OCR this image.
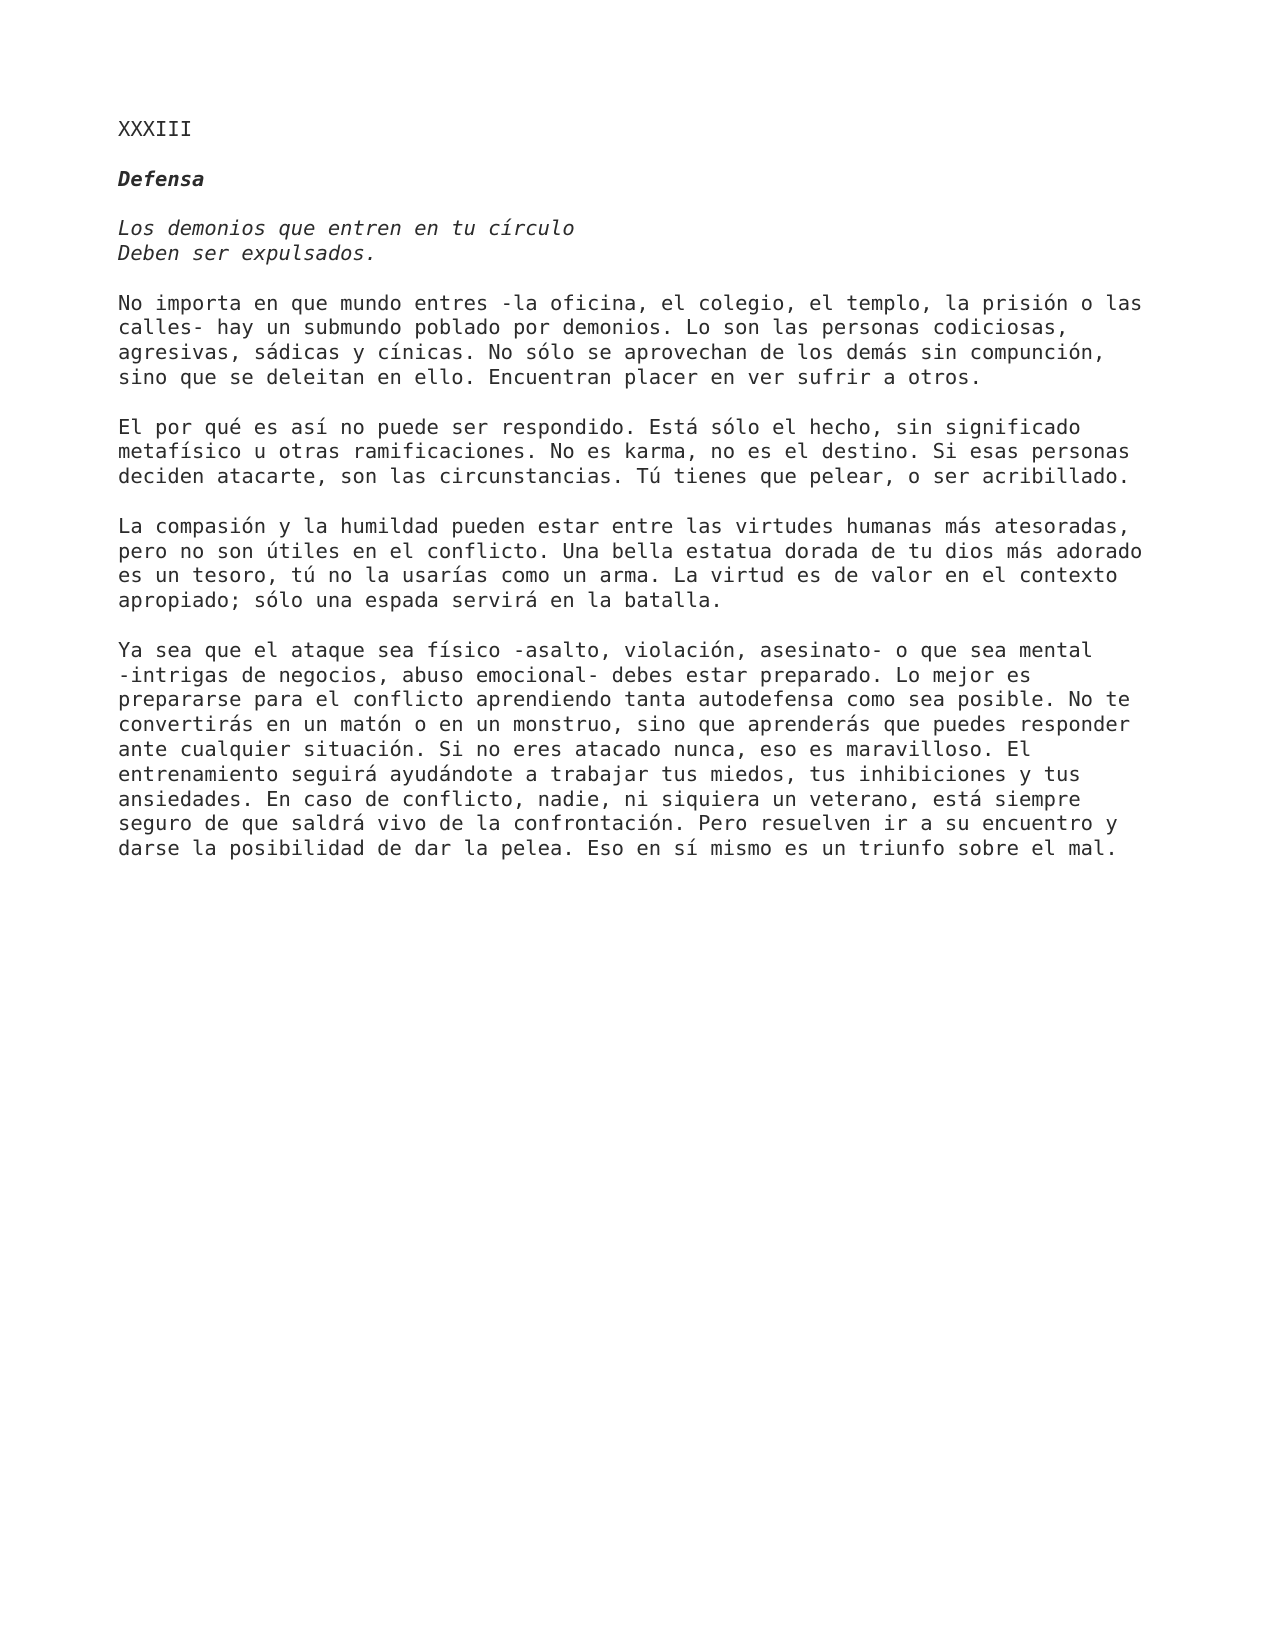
XXXIII
Defensa
Los demonios que entren en tu círculo
Deben ser expulsados.
No importa en que mundo entres -la oficina, el colegio, el templo, la prisión o las
calles- hay un submundo poblado por demonios. Lo son las personas codiciosas,
agresivas, sádicas y cínicas. No sólo se aprovechan de los demás sin compunción,
sino que se deleitan en ello. Encuentran placer en ver sufrir a otros.
El por qué es así no puede ser respondido. Está sólo el hecho, sin significado
metafísico u otras ramificaciones. No es karma, no es el destino. Si esas personas
deciden atacarte, son las circunstancias. Tú tienes que pelear, o ser acribillado.
La compasión y la humildad pueden estar entre las virtudes humanas más atesoradas,
pero no son útiles en el conflicto. Una bella estatua dorada de tu dios más adorado
es un tesoro, tú no la usarías como un arma. La virtud es de valor en el contexto
apropiado; sólo una espada servirá en la batalla.
Ya sea que el ataque sea físico -asalto, violación, asesinato- o que sea mental
-intrigas de negocios, abuso emocional- debes estar preparado. Lo mejor es
prepararse para el conflicto aprendiendo tanta autodefensa como sea posible. No te
convertirás en un matón o en un monstruo, sino que aprenderás que puedes responder
ante cualquier situación. Si no eres atacado nunca, eso es maravilloso. El
entrenamiento seguirá ayudándote a trabajar tus miedos, tus inhibiciones y tus
ansiedades. En caso de conflicto, nadie, ni siquiera un veterano, está siempre
seguro de que saldrá vivo de la confrontación. Pero resuelven ir a su encuentro y
darse la posibilidad de dar la pelea. Eso en sí mismo es un triunfo sobre el mal.
